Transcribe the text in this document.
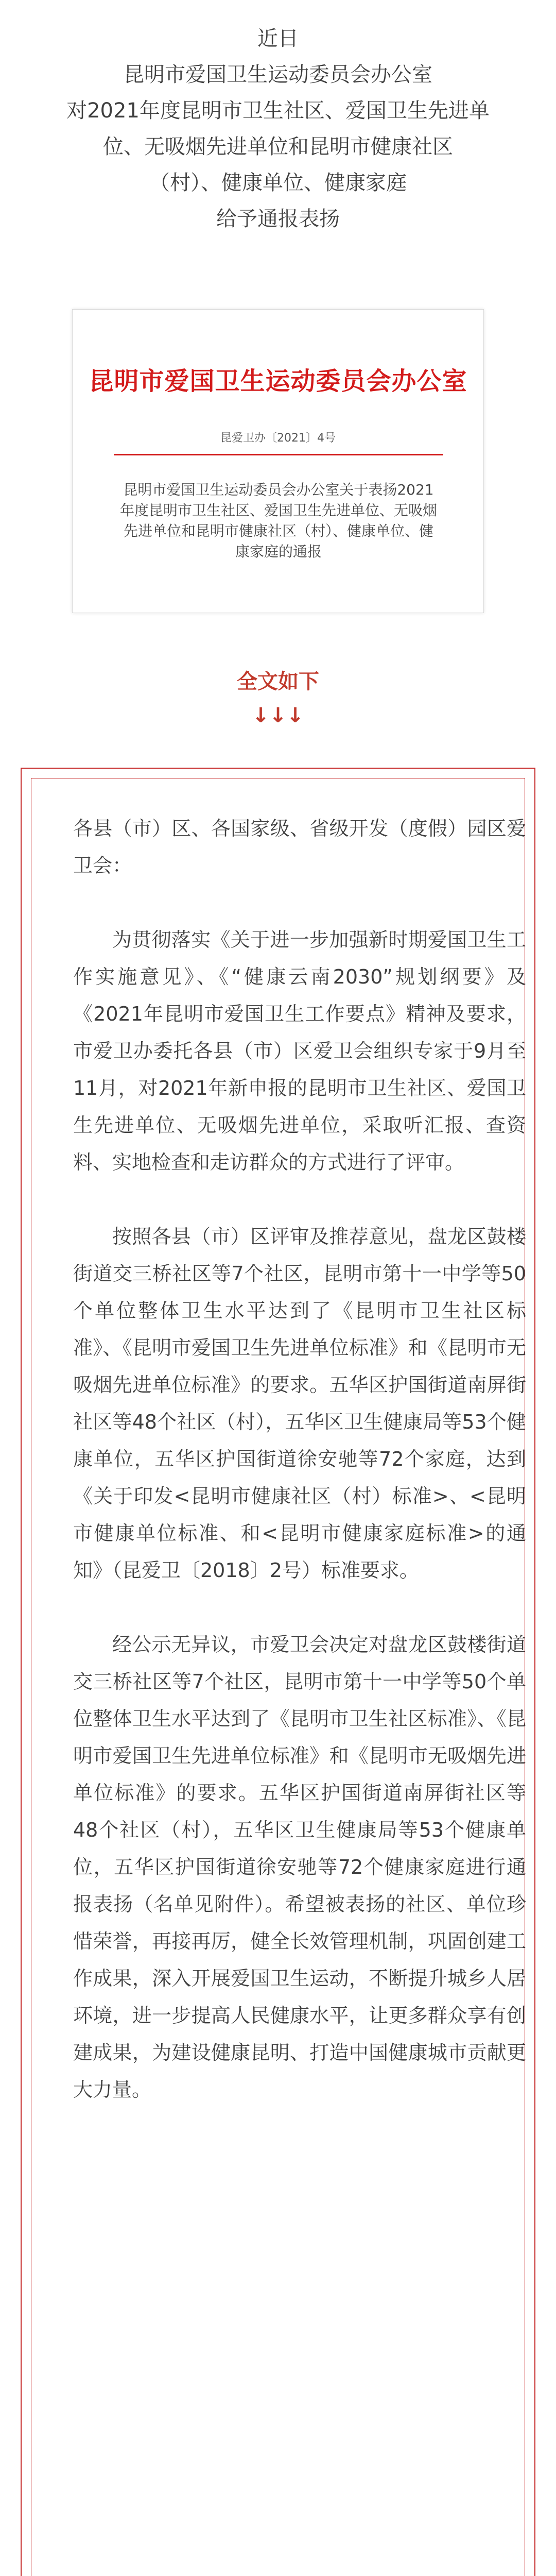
近日
昆明市爱国卫生运动委员会办公室
对2021年度昆明市卫生社区、爱国卫生先进单
位、无吸烟先进单位和昆明市健康社区
（村）、健康单位、健康家庭
给予通报表扬
昆明市爱国卫生运动委员会办公室
昆爱卫办〔2021〕4号
昆明市爱国卫生运动委员会办公室关于表扬2021年度昆明市卫生社区、爱国卫生先进单位、无吸烟先进单位和昆明市健康社区（村）、健康单位、健康家庭的通报
全文如下
↓↓↓

各县（市）区、各国家级、省级开发（度假）园区爱卫会：

为贯彻落实《关于进一步加强新时期爱国卫生工作实施意见》、《“健康云南2030”规划纲要》及《2021年昆明市爱国卫生工作要点》精神及要求，市爱卫办委托各县（市）区爱卫会组织专家于9月至11月，对2021年新申报的昆明市卫生社区、爱国卫生先进单位、无吸烟先进单位，采取听汇报、查资料、实地检查和走访群众的方式进行了评审。

按照各县（市）区评审及推荐意见，盘龙区鼓楼街道交三桥社区等7个社区，昆明市第十一中学等50个单位整体卫生水平达到了《昆明市卫生社区标准》、《昆明市爱国卫生先进单位标准》和《昆明市无吸烟先进单位标准》的要求。五华区护国街道南屏街社区等48个社区（村），五华区卫生健康局等53个健康单位，五华区护国街道徐安驰等72个家庭，达到《关于印发<昆明市健康社区（村）标准>、<昆明市健康单位标准、和<昆明市健康家庭标准>的通知》（昆爱卫〔2018〕2号）标准要求。

经公示无异议，市爱卫会决定对盘龙区鼓楼街道交三桥社区等7个社区，昆明市第十一中学等50个单位整体卫生水平达到了《昆明市卫生社区标准》、《昆明市爱国卫生先进单位标准》和《昆明市无吸烟先进单位标准》的要求。五华区护国街道南屏街社区等48个社区（村），五华区卫生健康局等53个健康单位，五华区护国街道徐安驰等72个健康家庭进行通报表扬（名单见附件）。希望被表扬的社区、单位珍惜荣誉，再接再厉，健全长效管理机制，巩固创建工作成果，深入开展爱国卫生运动，不断提升城乡人居环境，进一步提高人民健康水平，让更多群众享有创建成果，为建设健康昆明、打造中国健康城市贡献更大力量。
